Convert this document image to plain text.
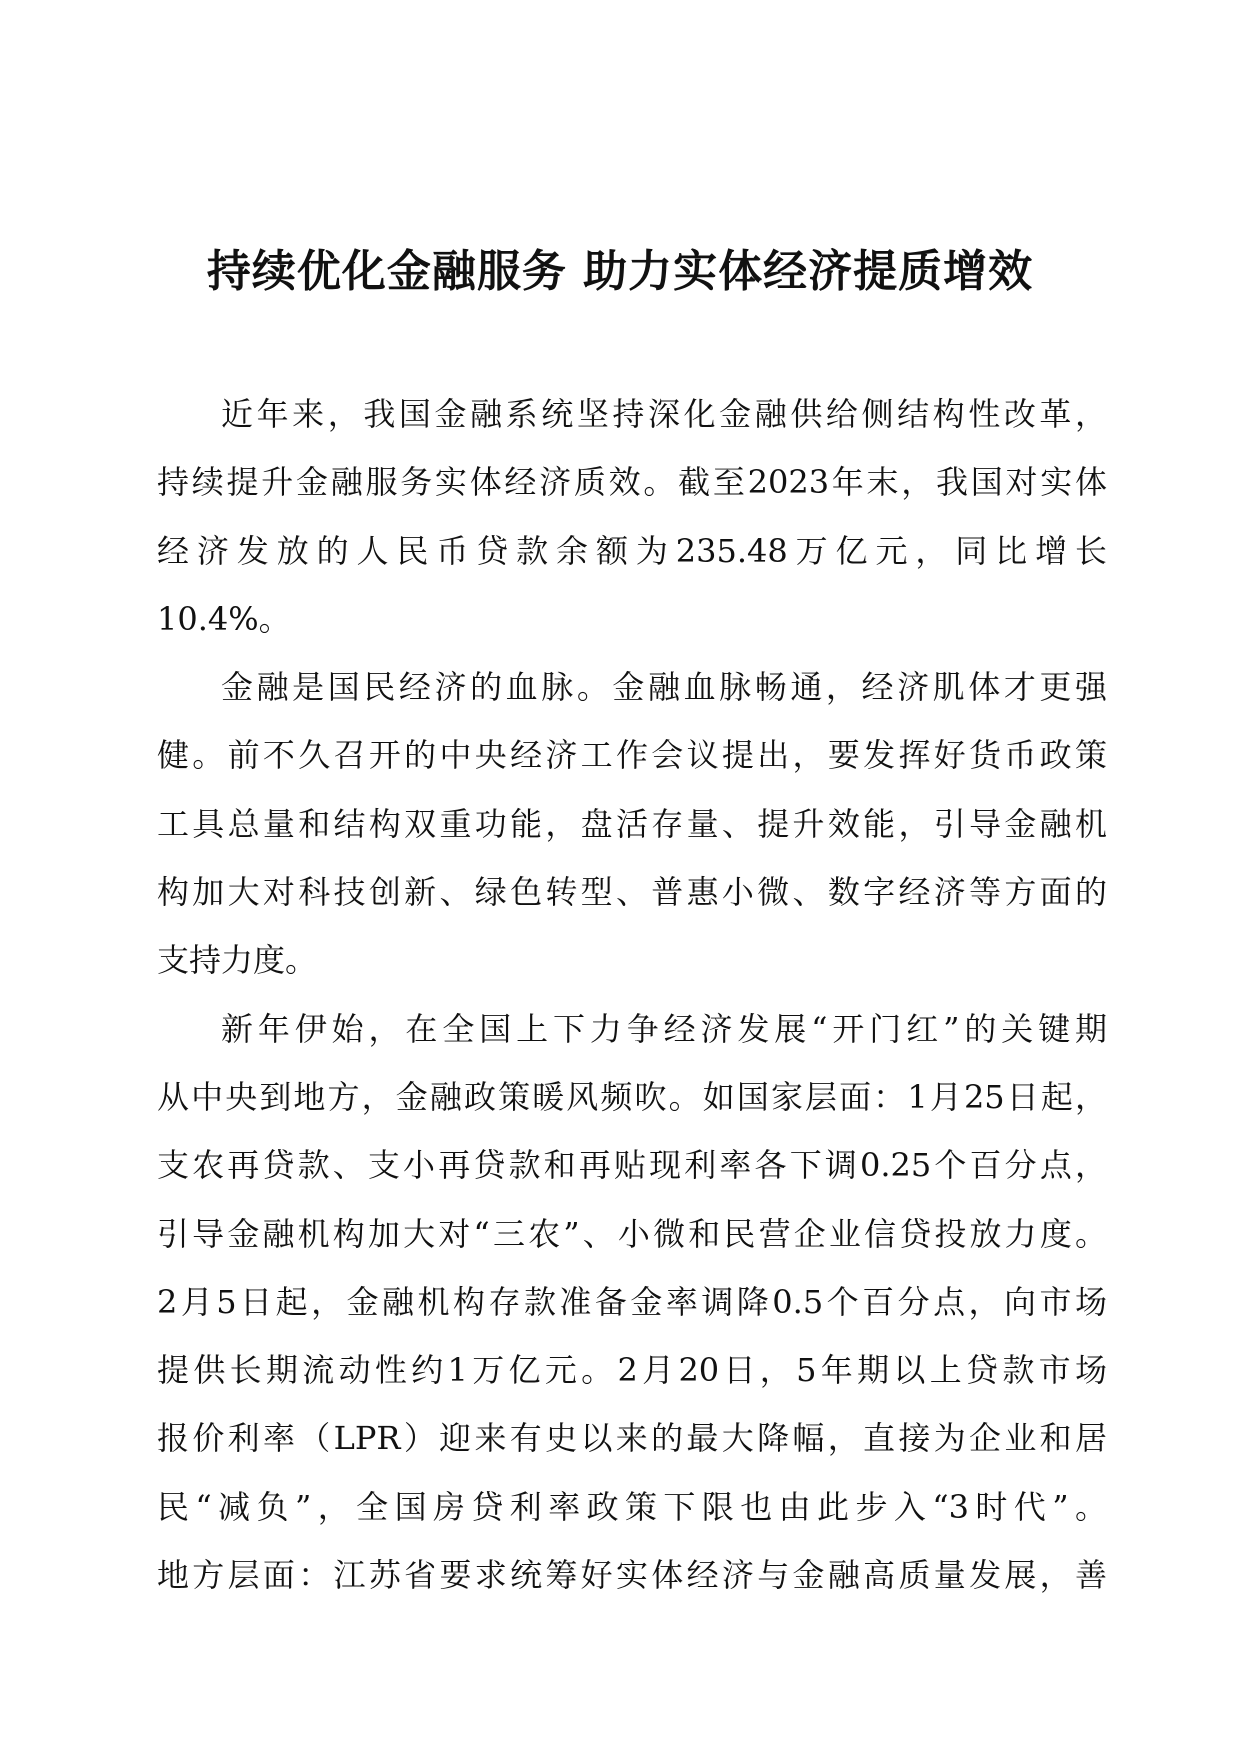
持续优化金融服务 助力实体经济提质增效
近年来，我国金融系统坚持深化金融供给侧结构性改革，
持续提升金融服务实体经济质效。截至2023年末，我国对实体
经济发放的人民币贷款余额为235.48万亿元，同比增长
10.4%。
金融是国民经济的血脉。金融血脉畅通，经济肌体才更强
健。前不久召开的中央经济工作会议提出，要发挥好货币政策
工具总量和结构双重功能，盘活存量、提升效能，引导金融机
构加大对科技创新、绿色转型、普惠小微、数字经济等方面的
支持力度。
新年伊始，在全国上下力争经济发展“开门红”的关键期
从中央到地方，金融政策暖风频吹。如国家层面：1月25日起，
支农再贷款、支小再贷款和再贴现利率各下调0.25个百分点，
引导金融机构加大对“三农”、小微和民营企业信贷投放力度。
2月5日起，金融机构存款准备金率调降0.5个百分点，向市场
提供长期流动性约1万亿元。2月20日，5年期以上贷款市场
报价利率（LPR）迎来有史以来的最大降幅，直接为企业和居
民“减负”，全国房贷利率政策下限也由此步入“3时代”。
地方层面：江苏省要求统筹好实体经济与金融高质量发展，善
